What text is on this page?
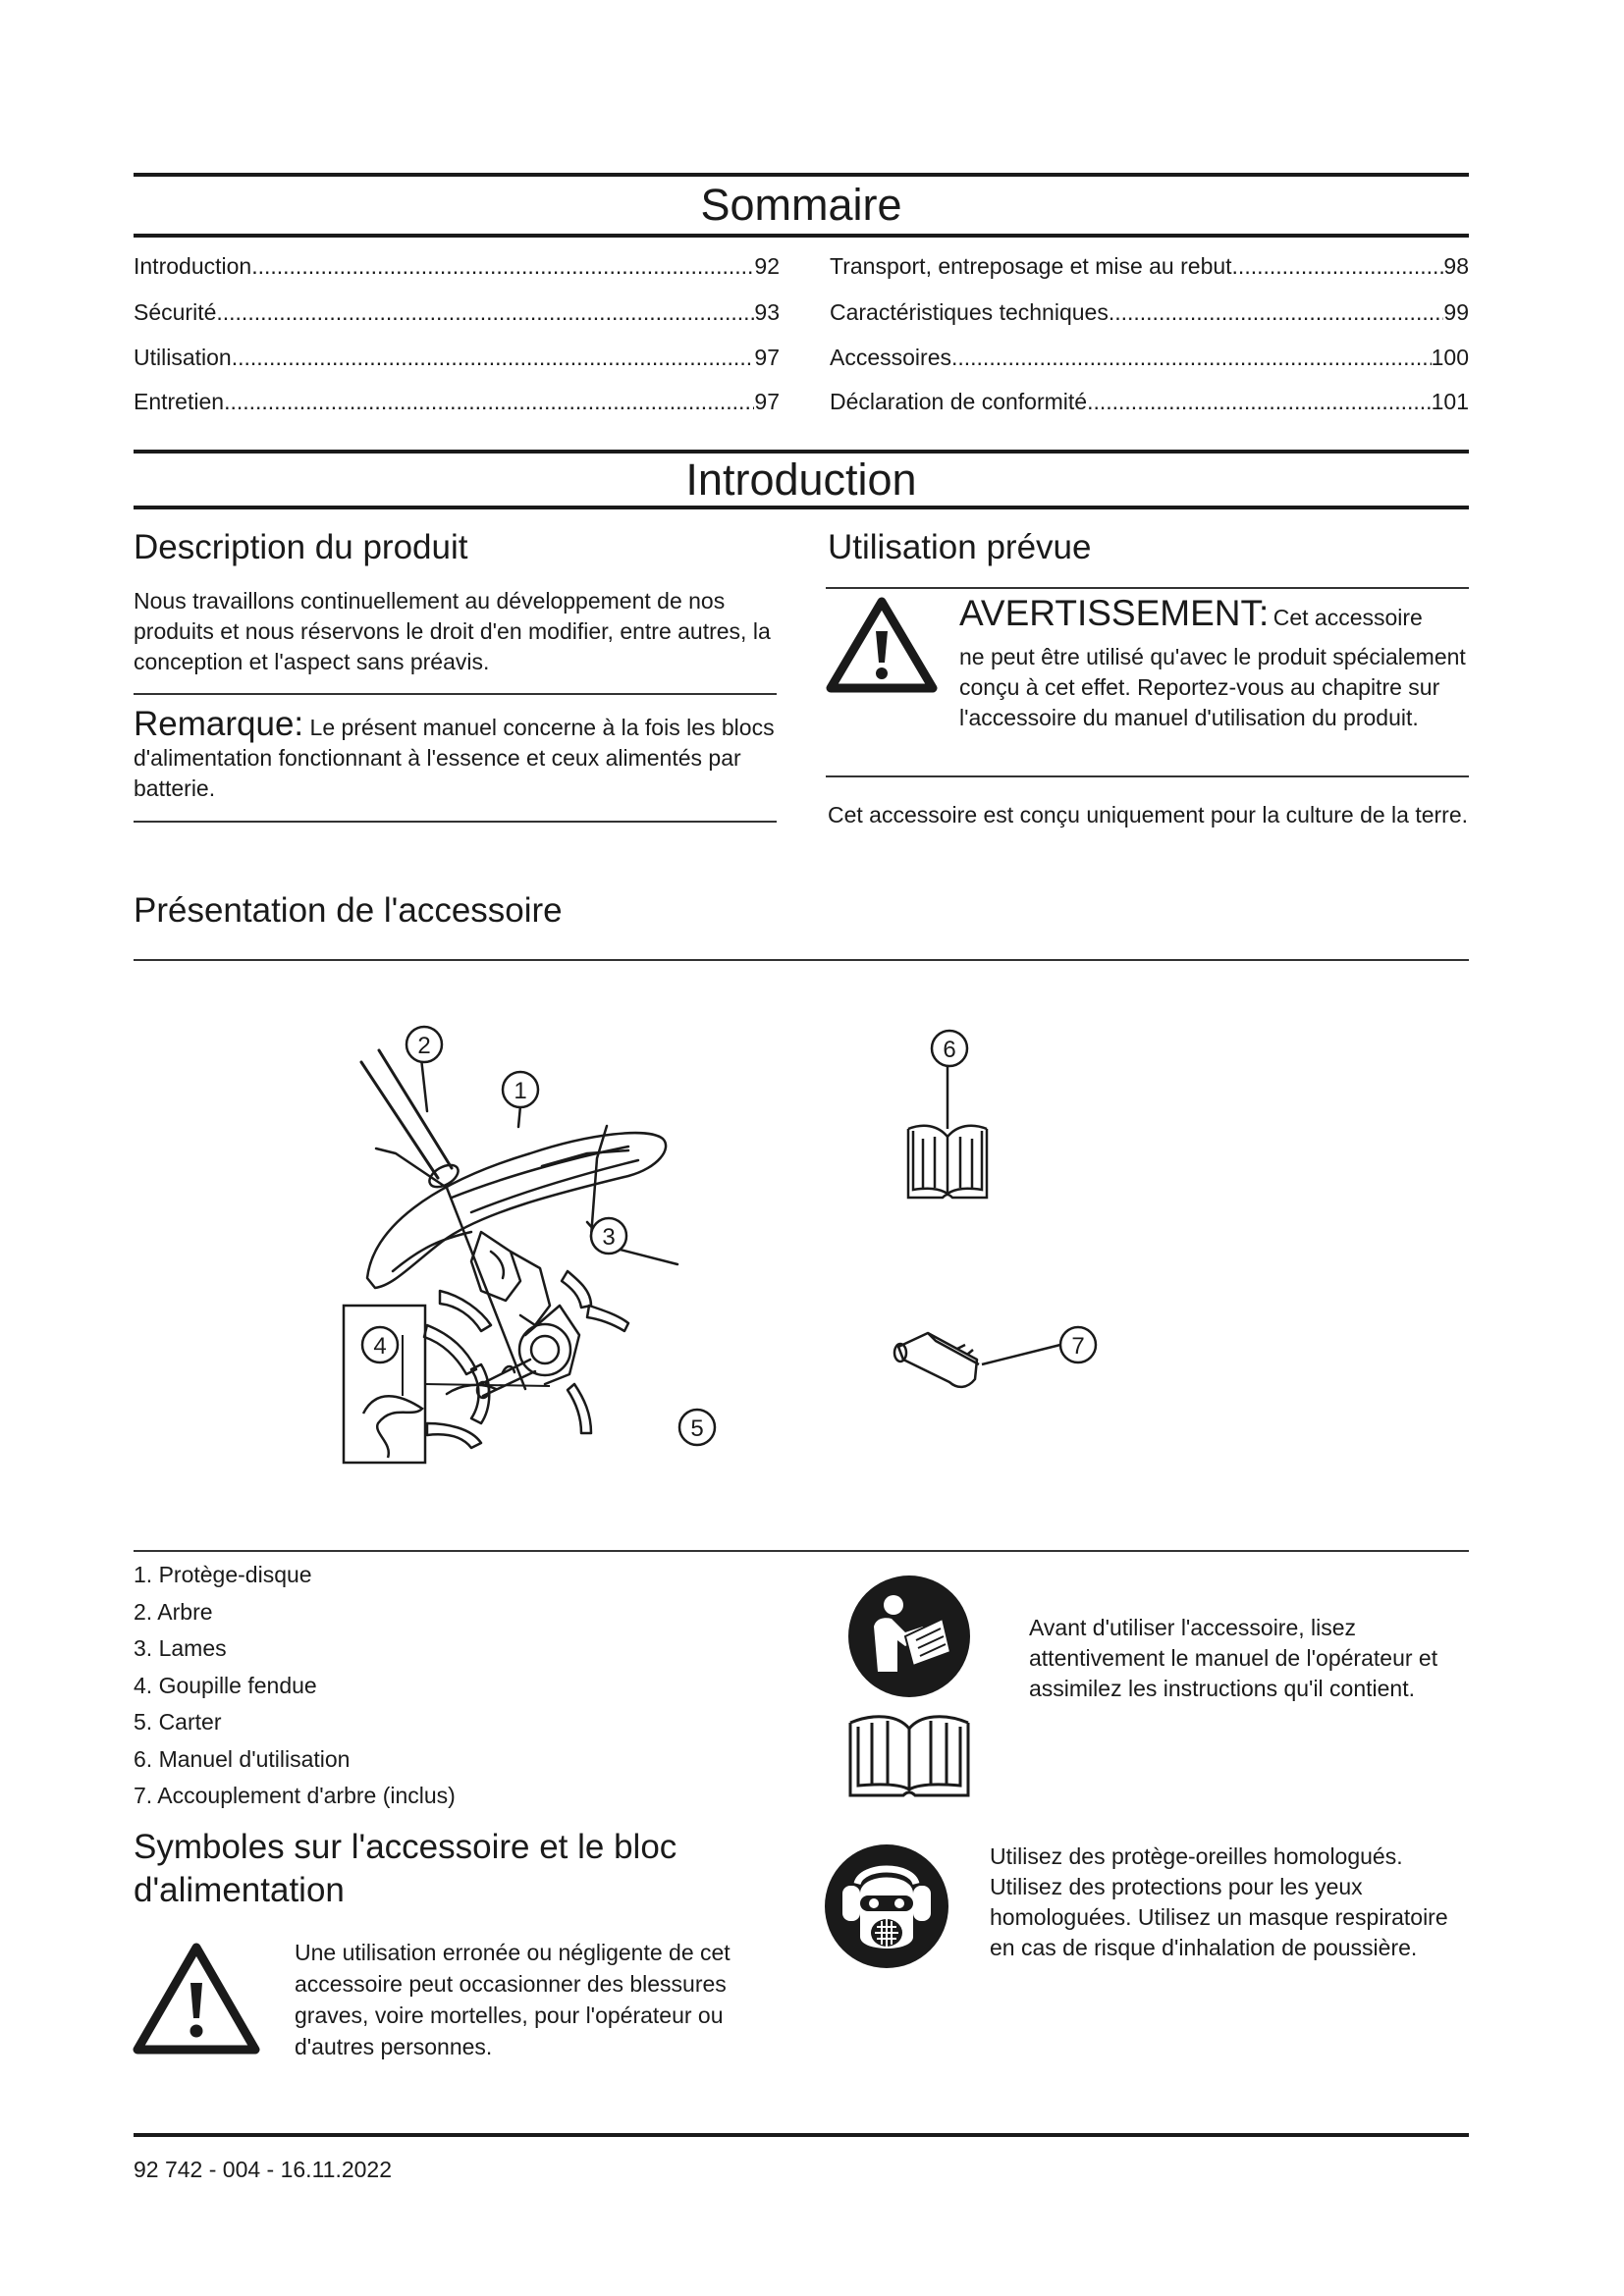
Sommaire
Introduction .....	92
Sécurité .....	93
Utilisation .....	97
Entretien .....	97
Transport, entreposage et mise au rebut .....	98
Caractéristiques techniques .....	99
Accessoires .....	100
Déclaration de conformité .....	101
Introduction
Description du produit

Nous travaillons continuellement au développement de nos produits et nous réservons le droit d'en modifier, entre autres, la conception et l'aspect sans préavis.

Remarque: Le présent manuel concerne à la fois les blocs d'alimentation fonctionnant à l'essence et ceux alimentés par batterie.

Utilisation prévue
AVERTISSEMENT: Cet accessoire

ne peut être utilisé qu'avec le produit spécialement conçu à cet effet. Reportez-vous au chapitre sur l'accessoire du manuel d'utilisation du produit.

Cet accessoire est conçu uniquement pour la culture de la terre.

Présentation de l'accessoire
2
1
3
4
5
6
7
1. Protège-disque
2. Arbre
3. Lames
4. Goupille fendue
5. Carter
6. Manuel d'utilisation
7. Accouplement d'arbre (inclus)
Symboles sur l'accessoire et le bloc d'alimentation

Une utilisation erronée ou négligente de cet accessoire peut occasionner des blessures graves, voire mortelles, pour l'opérateur ou d'autres personnes.

Avant d'utiliser l'accessoire, lisez attentivement le manuel de l'opérateur et assimilez les instructions qu'il contient.

Utilisez des protège-oreilles homologués. Utilisez des protections pour les yeux homologuées. Utilisez un masque respiratoire en cas de risque d'inhalation de poussière.

92 742 - 004 - 16.11.2022
